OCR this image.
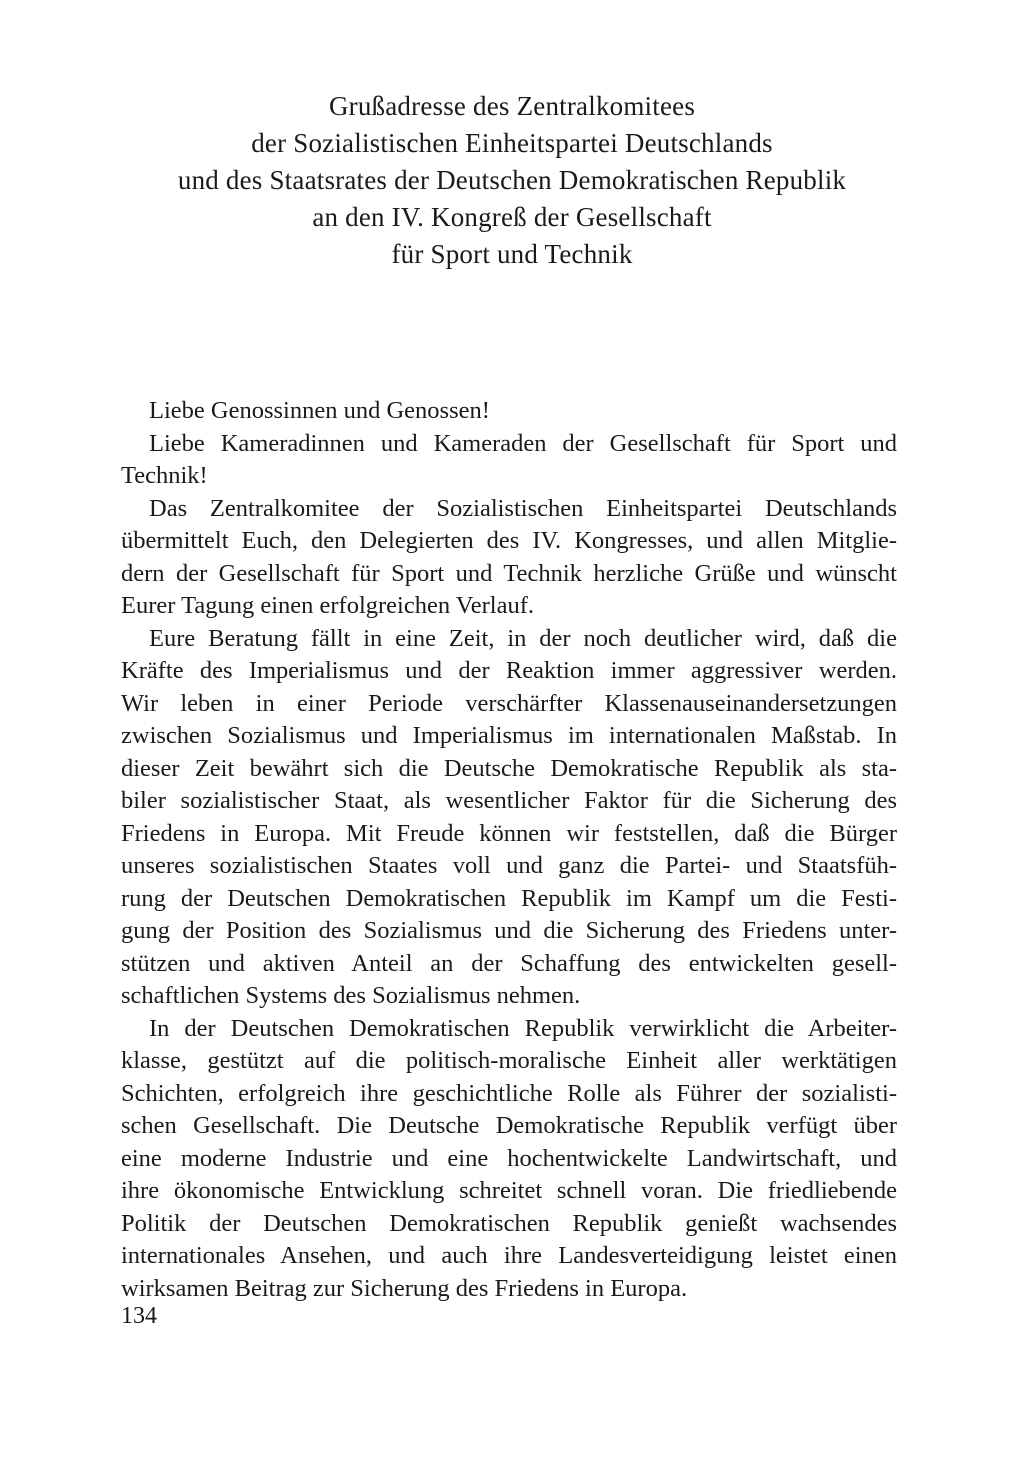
Grußadresse des Zentralkomitees
der Sozialistischen Einheitspartei Deutschlands
und des Staatsrates der Deutschen Demokratischen Republik
an den IV. Kongreß der Gesellschaft
für Sport und Technik

Liebe Genossinnen und Genossen!

Liebe Kameradinnen und Kameraden der Gesellschaft für Sport und
Technik!

Das Zentralkomitee der Sozialistischen Einheitspartei Deutschlands
übermittelt Euch, den Delegierten des IV. Kongresses, und allen Mitglie-
dern der Gesellschaft für Sport und Technik herzliche Grüße und wünscht
Eurer Tagung einen erfolgreichen Verlauf.

Eure Beratung fällt in eine Zeit, in der noch deutlicher wird, daß die
Kräfte des Imperialismus und der Reaktion immer aggressiver werden.
Wir leben in einer Periode verschärfter Klassenauseinandersetzungen
zwischen Sozialismus und Imperialismus im internationalen Maßstab. In
dieser Zeit bewährt sich die Deutsche Demokratische Republik als sta-
biler sozialistischer Staat, als wesentlicher Faktor für die Sicherung des
Friedens in Europa. Mit Freude können wir feststellen, daß die Bürger
unseres sozialistischen Staates voll und ganz die Partei- und Staatsfüh-
rung der Deutschen Demokratischen Republik im Kampf um die Festi-
gung der Position des Sozialismus und die Sicherung des Friedens unter-
stützen und aktiven Anteil an der Schaffung des entwickelten gesell-
schaftlichen Systems des Sozialismus nehmen.

In der Deutschen Demokratischen Republik verwirklicht die Arbeiter-
klasse, gestützt auf die politisch-moralische Einheit aller werktätigen
Schichten, erfolgreich ihre geschichtliche Rolle als Führer der sozialisti-
schen Gesellschaft. Die Deutsche Demokratische Republik verfügt über
eine moderne Industrie und eine hochentwickelte Landwirtschaft, und
ihre ökonomische Entwicklung schreitet schnell voran. Die friedliebende
Politik der Deutschen Demokratischen Republik genießt wachsendes
internationales Ansehen, und auch ihre Landesverteidigung leistet einen
wirksamen Beitrag zur Sicherung des Friedens in Europa.

134
